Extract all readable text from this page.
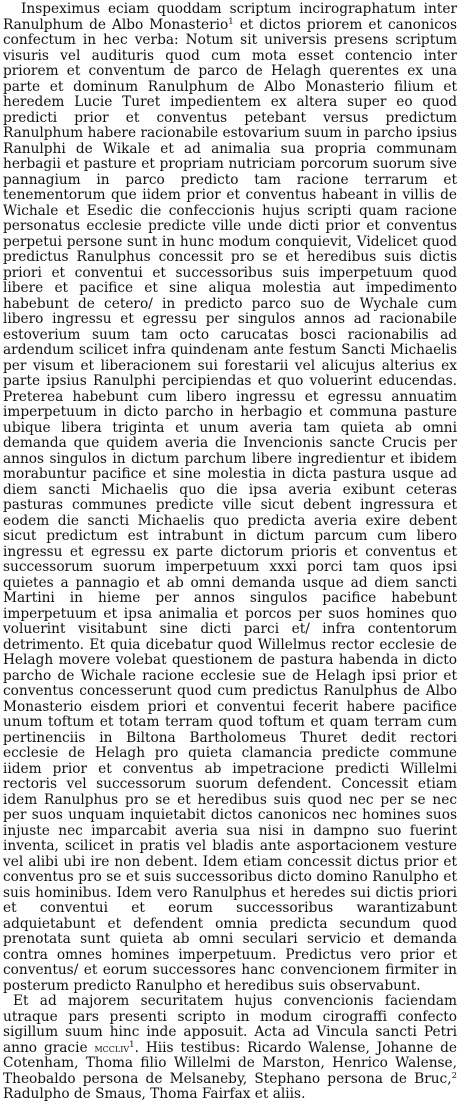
Inspeximus eciam quoddam scriptum incirographatum inter Ranulphum de Albo Monasterio$^1$ et dictos priorem et canonicos confectum in hec verba: Notum sit universis presens scriptum visuris vel audituris quod cum mota esset contencio inter priorem et conventum de parco de Helagh querentes ex una parte et dominum Ranulphum de Albo Monasterio filium et heredem Lucie Turet impedientem ex altera super eo quod predicti prior et conventus petebant versus predictum Ranulphum habere racionabile estovarium suum in parcho ipsius Ranulphi de Wikale et ad animalia sua propria communam herbagii et pasture et propriam nutriciam porcorum suorum sive pannagium in parco predicto tam racione terrarum et tenementorum que iidem prior et conventus habeant in villis de Wichale et Esedic die confeccionis hujus scripti quam racione personatus ecclesie predicte ville unde dicti prior et conventus perpetui persone sunt in hunc modum conquievit, Videlicet quod predictus Ranulphus concessit pro se et heredibus suis dictis priori et conventui et successoribus suis imperpetuum quod libere et pacifice et sine aliqua molestia aut impedimento habebunt de cetero/ in predicto parco suo de Wychale cum libero ingressu et egressu per singulos annos ad racionabile estoverium suum tam octo carucatas bosci racionabilis ad ardendum scilicet infra quindenam ante festum Sancti Michaelis per visum et liberacionem sui forestarii vel alicujus alterius ex parte ipsius Ranulphi percipiendas et quo voluerint educendas. Preterea habebunt cum libero ingressu et egressu annuatim imperpetuum in dicto parcho in herbagio et communa pasture ubique libera triginta et unum averia tam quieta ab omni demanda que quidem averia die Invencionis sancte Crucis per annos singulos in dictum parchum libere ingredientur et ibidem morabuntur pacifice et sine molestia in dicta pastura usque ad diem sancti Michaelis quo die ipsa averia exibunt ceteras pasturas communes predicte ville sicut debent ingressura et eodem die sancti Michaelis quo predicta averia exire debent sicut predictum est intrabunt in dictum parcum cum libero ingressu et egressu ex parte dictorum prioris et conventus et successorum suorum imperpetuum xxxi porci tam quos ipsi quietes a pannagio et ab omni demanda usque ad diem sancti Martini in hieme per annos singulos pacifice habebunt imperpetuum et ipsa animalia et porcos per suos homines quo voluerint visitabunt sine dicti parci et/ infra contentorum detrimento. Et quia dicebatur quod Willelmus rector ecclesie de Helagh movere volebat questionem de pastura habenda in dicto parcho de Wichale racione ecclesie sue de Helagh ipsi prior et conventus concesserunt quod cum predictus Ranulphus de Albo Monasterio eisdem priori et conventui fecerit habere pacifice unum toftum et totam terram quod toftum et quam terram cum pertinenciis in Biltona Bartholomeus Thuret dedit rectori ecclesie de Helagh pro quieta clamancia predicte commune iidem prior et conventus ab impetracione predicti Willelmi rectoris vel successorum suorum defendent. Concessit etiam idem Ranulphus pro se et heredibus suis quod nec per se nec per suos unquam inquietabit dictos canonicos nec homines suos injuste nec imparcabit averia sua nisi in dampno suo fuerint inventa, scilicet in pratis vel bladis ante asportacionem vesture vel alibi ubi ire non debent. Idem etiam concessit dictus prior et conventus pro se et suis successoribus dicto domino Ranulpho et suis hominibus. Idem vero Ranulphus et heredes sui dictis priori et conventui et eorum successoribus warantizabunt adquietabunt et defendent omnia predicta secundum quod prenotata sunt quieta ab omni seculari servicio et demanda contra omnes homines imperpetuum. Predictus vero prior et conventus/ et eorum successores hanc convencionem firmiter in posterum predicto Ranulpho et heredibus suis observabunt.

Et ad majorem securitatem hujus convencionis faciendam utraque pars presenti scripto in modum cirograffi confecto sigillum suum hinc inde apposuit. Acta ad Vincula sancti Petri anno gracie mccliv$^1$. Hiis testibus: Ricardo Walense, Johanne de Cotenham, Thoma filio Willelmi de Marston, Henrico Walense, Theobaldo persona de Melsaneby, Stephano persona de Bruc,$^2$ Radulpho de Smaus, Thoma Fairfax et aliis.
